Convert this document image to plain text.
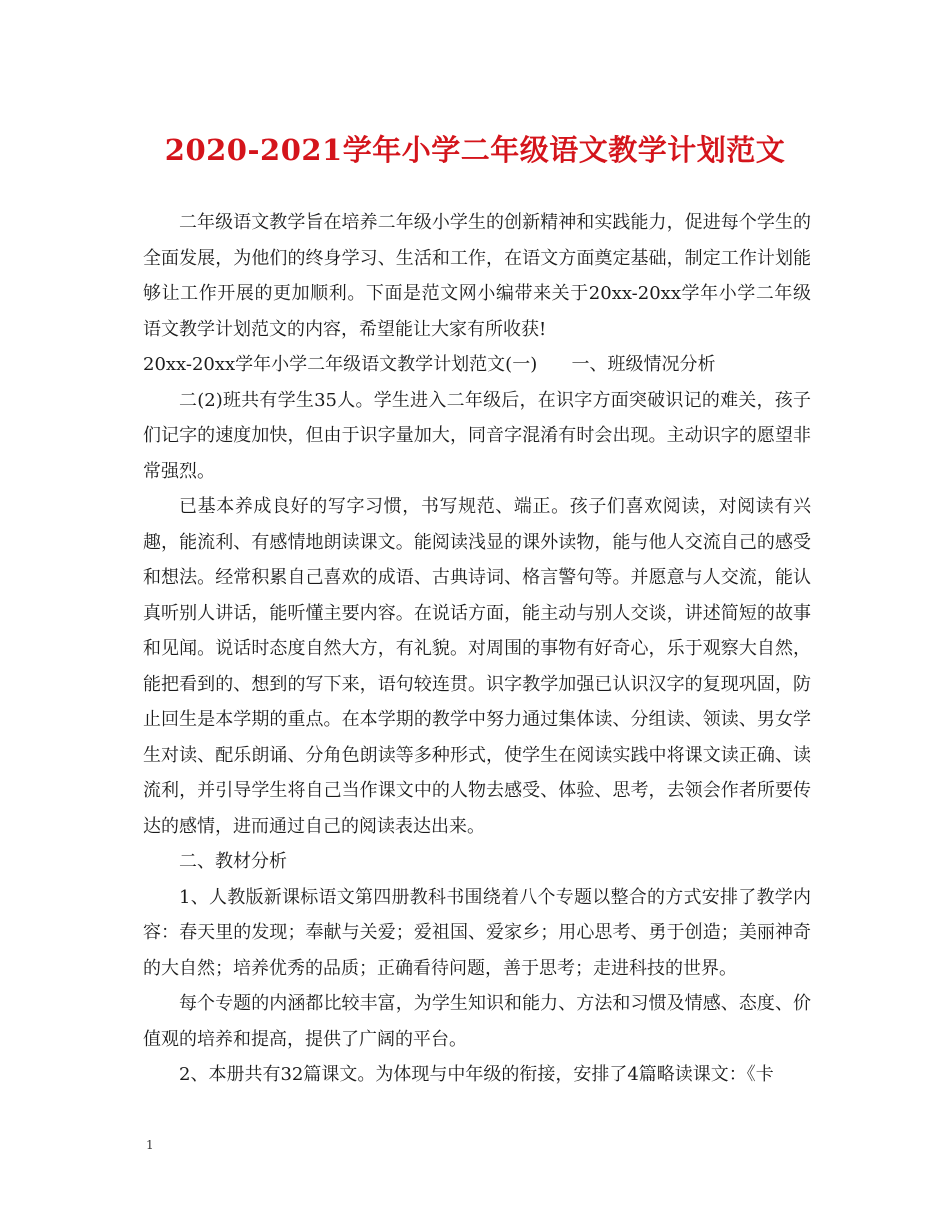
2020-2021学年小学二年级语文教学计划范文

二年级语文教学旨在培养二年级小学生的创新精神和实践能力，促进每个学生的全面发展，为他们的终身学习、生活和工作，在语文方面奠定基础，制定工作计划能够让工作开展的更加顺利。下面是范文网小编带来关于20xx-20xx学年小学二年级语文教学计划范文的内容，希望能让大家有所收获!

20xx-20xx学年小学二年级语文教学计划范文(一)      一、班级情况分析

二(2)班共有学生35人。学生进入二年级后，在识字方面突破识记的难关，孩子们记字的速度加快，但由于识字量加大，同音字混淆有时会出现。主动识字的愿望非常强烈。

已基本养成良好的写字习惯，书写规范、端正。孩子们喜欢阅读，对阅读有兴趣，能流利、有感情地朗读课文。能阅读浅显的课外读物，能与他人交流自己的感受和想法。经常积累自己喜欢的成语、古典诗词、格言警句等。并愿意与人交流，能认真听别人讲话，能听懂主要内容。在说话方面，能主动与别人交谈，讲述简短的故事和见闻。说话时态度自然大方，有礼貌。对周围的事物有好奇心，乐于观察大自然，能把看到的、想到的写下来，语句较连贯。识字教学加强已认识汉字的复现巩固，防止回生是本学期的重点。在本学期的教学中努力通过集体读、分组读、领读、男女学生对读、配乐朗诵、分角色朗读等多种形式，使学生在阅读实践中将课文读正确、读流利，并引导学生将自己当作课文中的人物去感受、体验、思考，去领会作者所要传达的感情，进而通过自己的阅读表达出来。

二、教材分析

1、人教版新课标语文第四册教科书围绕着八个专题以整合的方式安排了教学内容：春天里的发现；奉献与关爱；爱祖国、爱家乡；用心思考、勇于创造；美丽神奇的大自然；培养优秀的品质；正确看待问题，善于思考；走进科技的世界。

每个专题的内涵都比较丰富，为学生知识和能力、方法和习惯及情感、态度、价值观的培养和提高，提供了广阔的平台。

2、本册共有32篇课文。为体现与中年级的衔接，安排了4篇略读课文：《卡

1
